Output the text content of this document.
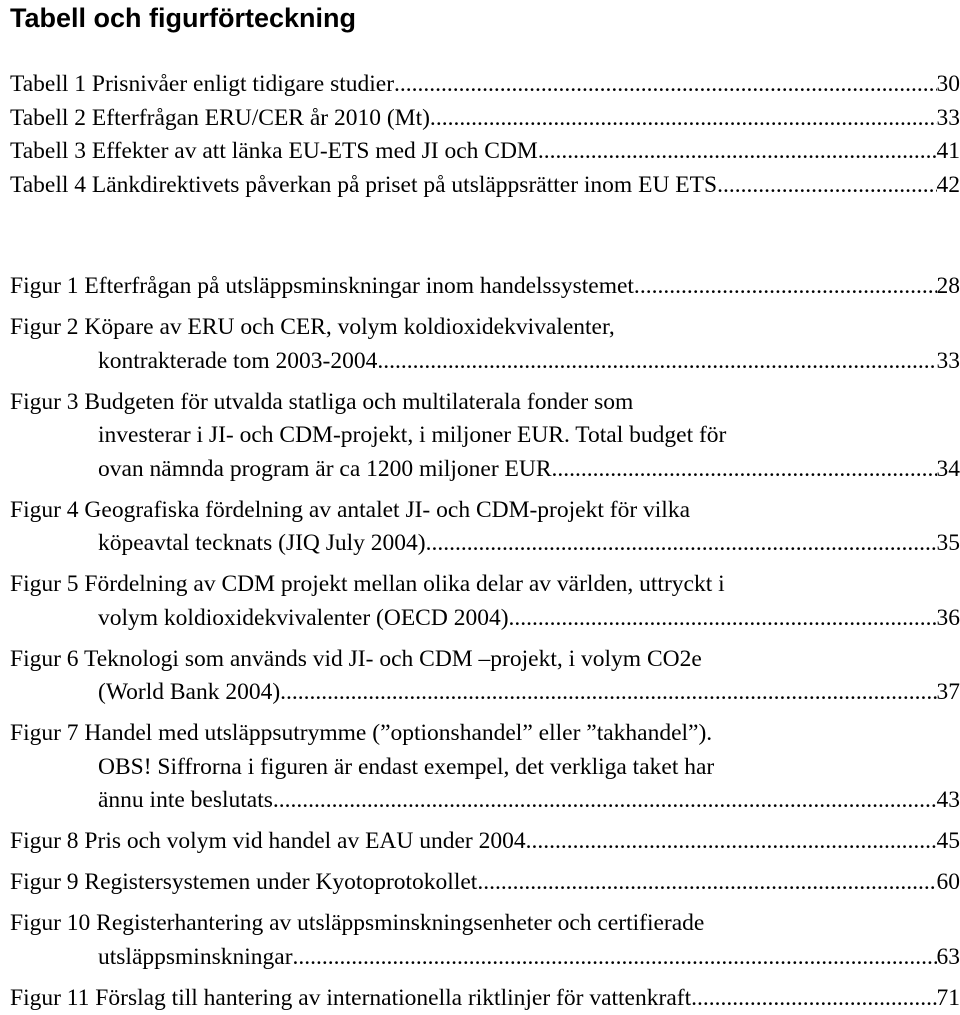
Tabell och figurförteckning
Tabell 1 Prisnivåer enligt tidigare studier .....	30
Tabell 2 Efterfrågan ERU/CER år 2010 (Mt). .....	33
Tabell 3 Effekter av att länka EU-ETS med JI och CDM .....	41
Tabell 4 Länkdirektivets påverkan på priset på utsläppsrätter inom EU ETS. .....	42
Figur 1 Efterfrågan på utsläppsminskningar inom handelssystemet. .....	28
Figur 2 Köpare av ERU och CER, volym koldioxidekvivalenter,
kontrakterade tom 2003-2004. .....	33
Figur 3 Budgeten för utvalda statliga och multilaterala fonder som
investerar i JI- och CDM-projekt, i miljoner EUR. Total budget för
ovan nämnda program är ca 1200 miljoner EUR. .....	34
Figur 4 Geografiska fördelning av antalet JI- och CDM-projekt för vilka
köpeavtal tecknats (JIQ July 2004) .....	35
Figur 5 Fördelning av CDM projekt mellan olika delar av världen, uttryckt i
volym koldioxidekvivalenter (OECD 2004). .....	36
Figur 6 Teknologi som används vid JI- och CDM –projekt, i volym CO2e
(World Bank 2004) .....	37
Figur 7 Handel med utsläppsutrymme (”optionshandel” eller ”takhandel”).
OBS! Siffrorna i figuren är endast exempel, det verkliga taket har
ännu inte beslutats. .....	43
Figur 8 Pris och volym vid handel av EAU under 2004. .....	45
Figur 9 Registersystemen under Kyotoprotokollet. .....	60
Figur 10 Registerhantering av utsläppsminskningsenheter och certifierade
utsläppsminskningar .....	63
Figur 11 Förslag till hantering av internationella riktlinjer för vattenkraft .....	71
